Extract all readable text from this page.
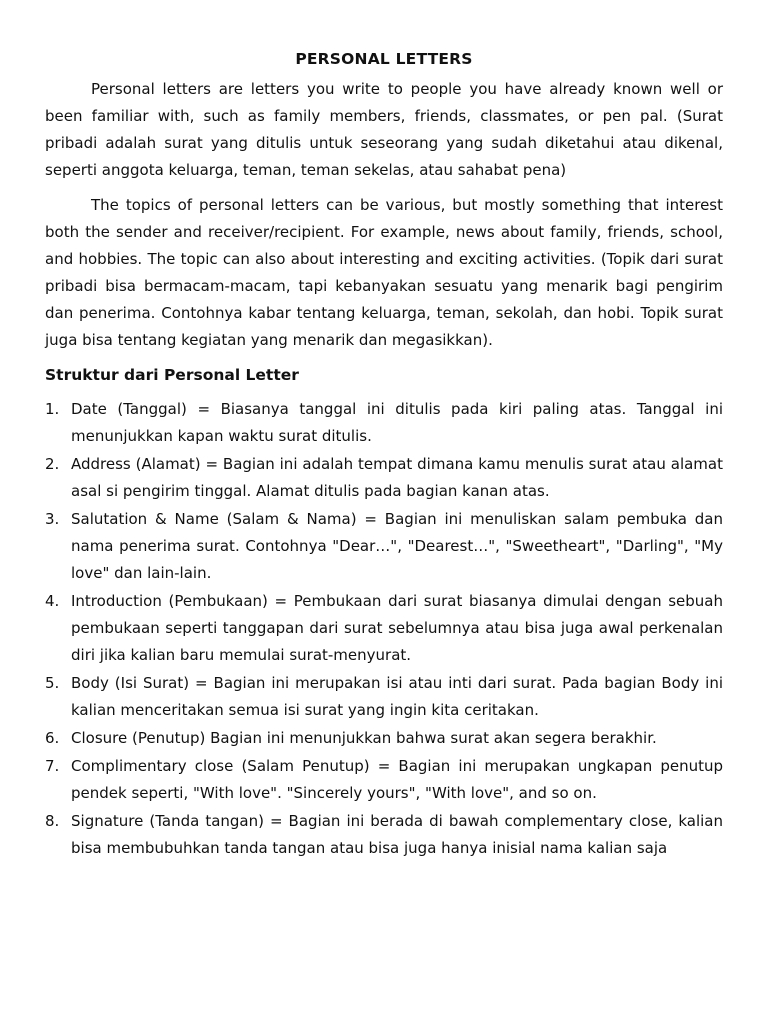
PERSONAL LETTERS

Personal letters are letters you write to people you have already known well or been familiar with, such as family members, friends, classmates, or pen pal. (Surat pribadi adalah surat yang ditulis untuk seseorang yang sudah diketahui atau dikenal, seperti anggota keluarga, teman, teman sekelas, atau sahabat pena)

The topics of personal letters can be various, but mostly something that interest both the sender and receiver/recipient. For example, news about family, friends, school, and hobbies. The topic can also about interesting and exciting activities. (Topik dari surat pribadi bisa bermacam-macam, tapi kebanyakan sesuatu yang menarik bagi pengirim dan penerima. Contohnya kabar tentang keluarga, teman, sekolah, dan hobi. Topik surat juga bisa tentang kegiatan yang menarik dan megasikkan).

Struktur dari Personal Letter
1. Date (Tanggal) = Biasanya tanggal ini ditulis pada kiri paling atas. Tanggal ini menunjukkan kapan waktu surat ditulis.
2. Address (Alamat) = Bagian ini adalah tempat dimana kamu menulis surat atau alamat asal si pengirim tinggal. Alamat ditulis pada bagian kanan atas.
3. Salutation & Name (Salam & Nama) = Bagian ini menuliskan salam pembuka dan nama penerima surat. Contohnya "Dear…", "Dearest…", "Sweetheart", "Darling", "My love" dan lain-lain.
4. Introduction (Pembukaan) = Pembukaan dari surat biasanya dimulai dengan sebuah pembukaan seperti tanggapan dari surat sebelumnya atau bisa juga awal perkenalan diri jika kalian baru memulai surat-menyurat.
5. Body (Isi Surat) = Bagian ini merupakan isi atau inti dari surat. Pada bagian Body ini kalian menceritakan semua isi surat yang ingin kita ceritakan.
6. Closure (Penutup) Bagian ini menunjukkan bahwa surat akan segera berakhir.
7. Complimentary close (Salam Penutup) = Bagian ini merupakan ungkapan penutup pendek seperti, "With love". "Sincerely yours", "With love", and so on.
8. Signature (Tanda tangan) = Bagian ini berada di bawah complementary close, kalian bisa membubuhkan tanda tangan atau bisa juga hanya inisial nama kalian saja
